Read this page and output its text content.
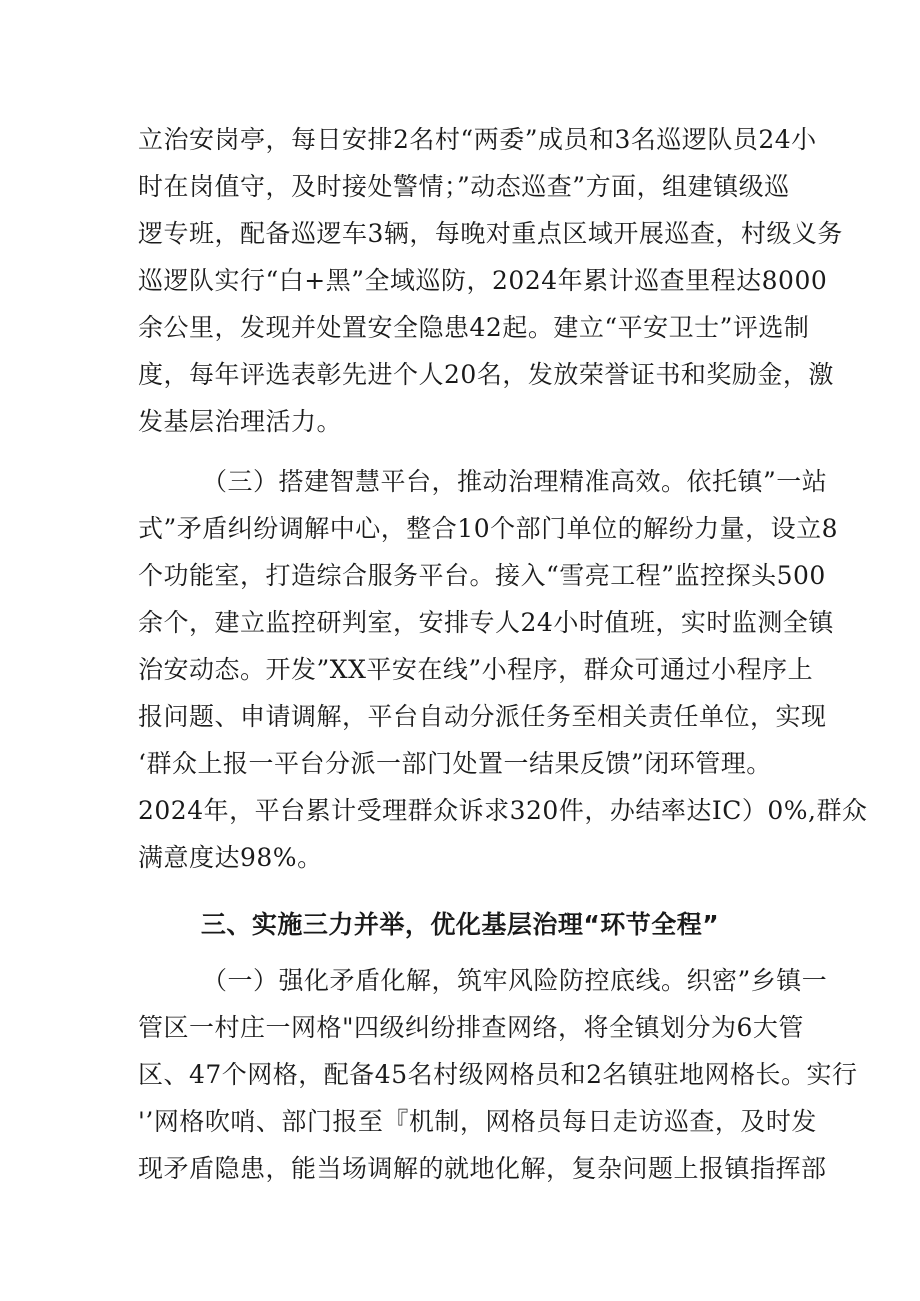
立治安岗亭，每日安排2名村“两委”成员和3名巡逻队员24小
时在岗值守，及时接处警情；”动态巡查”方面，组建镇级巡
逻专班，配备巡逻车3辆，每晚对重点区域开展巡查，村级义务
巡逻队实行“白+黑”全域巡防，2024年累计巡查里程达8000
余公里，发现并处置安全隐患42起。建立“平安卫士”评选制
度，每年评选表彰先进个人20名，发放荣誉证书和奖励金，激
发基层治理活力。
（三）搭建智慧平台，推动治理精准高效。依托镇”一站
式”矛盾纠纷调解中心，整合10个部门单位的解纷力量，设立8
个功能室，打造综合服务平台。接入“雪亮工程”监控探头500
余个，建立监控研判室，安排专人24小时值班，实时监测全镇
治安动态。开发”XX平安在线”小程序，群众可通过小程序上
报问题、申请调解，平台自动分派任务至相关责任单位，实现
‘群众上报一平台分派一部门处置一结果反馈”闭环管理。
2024年，平台累计受理群众诉求320件，办结率达IC）0%,群众
满意度达98%。
三、实施三力并举，优化基层治理“环节全程”
（一）强化矛盾化解，筑牢风险防控底线。织密”乡镇一
管区一村庄一网格"四级纠纷排查网络，将全镇划分为6大管
区、47个网格，配备45名村级网格员和2名镇驻地网格长。实行
'’网格吹哨、部门报至『机制，网格员每日走访巡查，及时发
现矛盾隐患，能当场调解的就地化解，复杂问题上报镇指挥部
